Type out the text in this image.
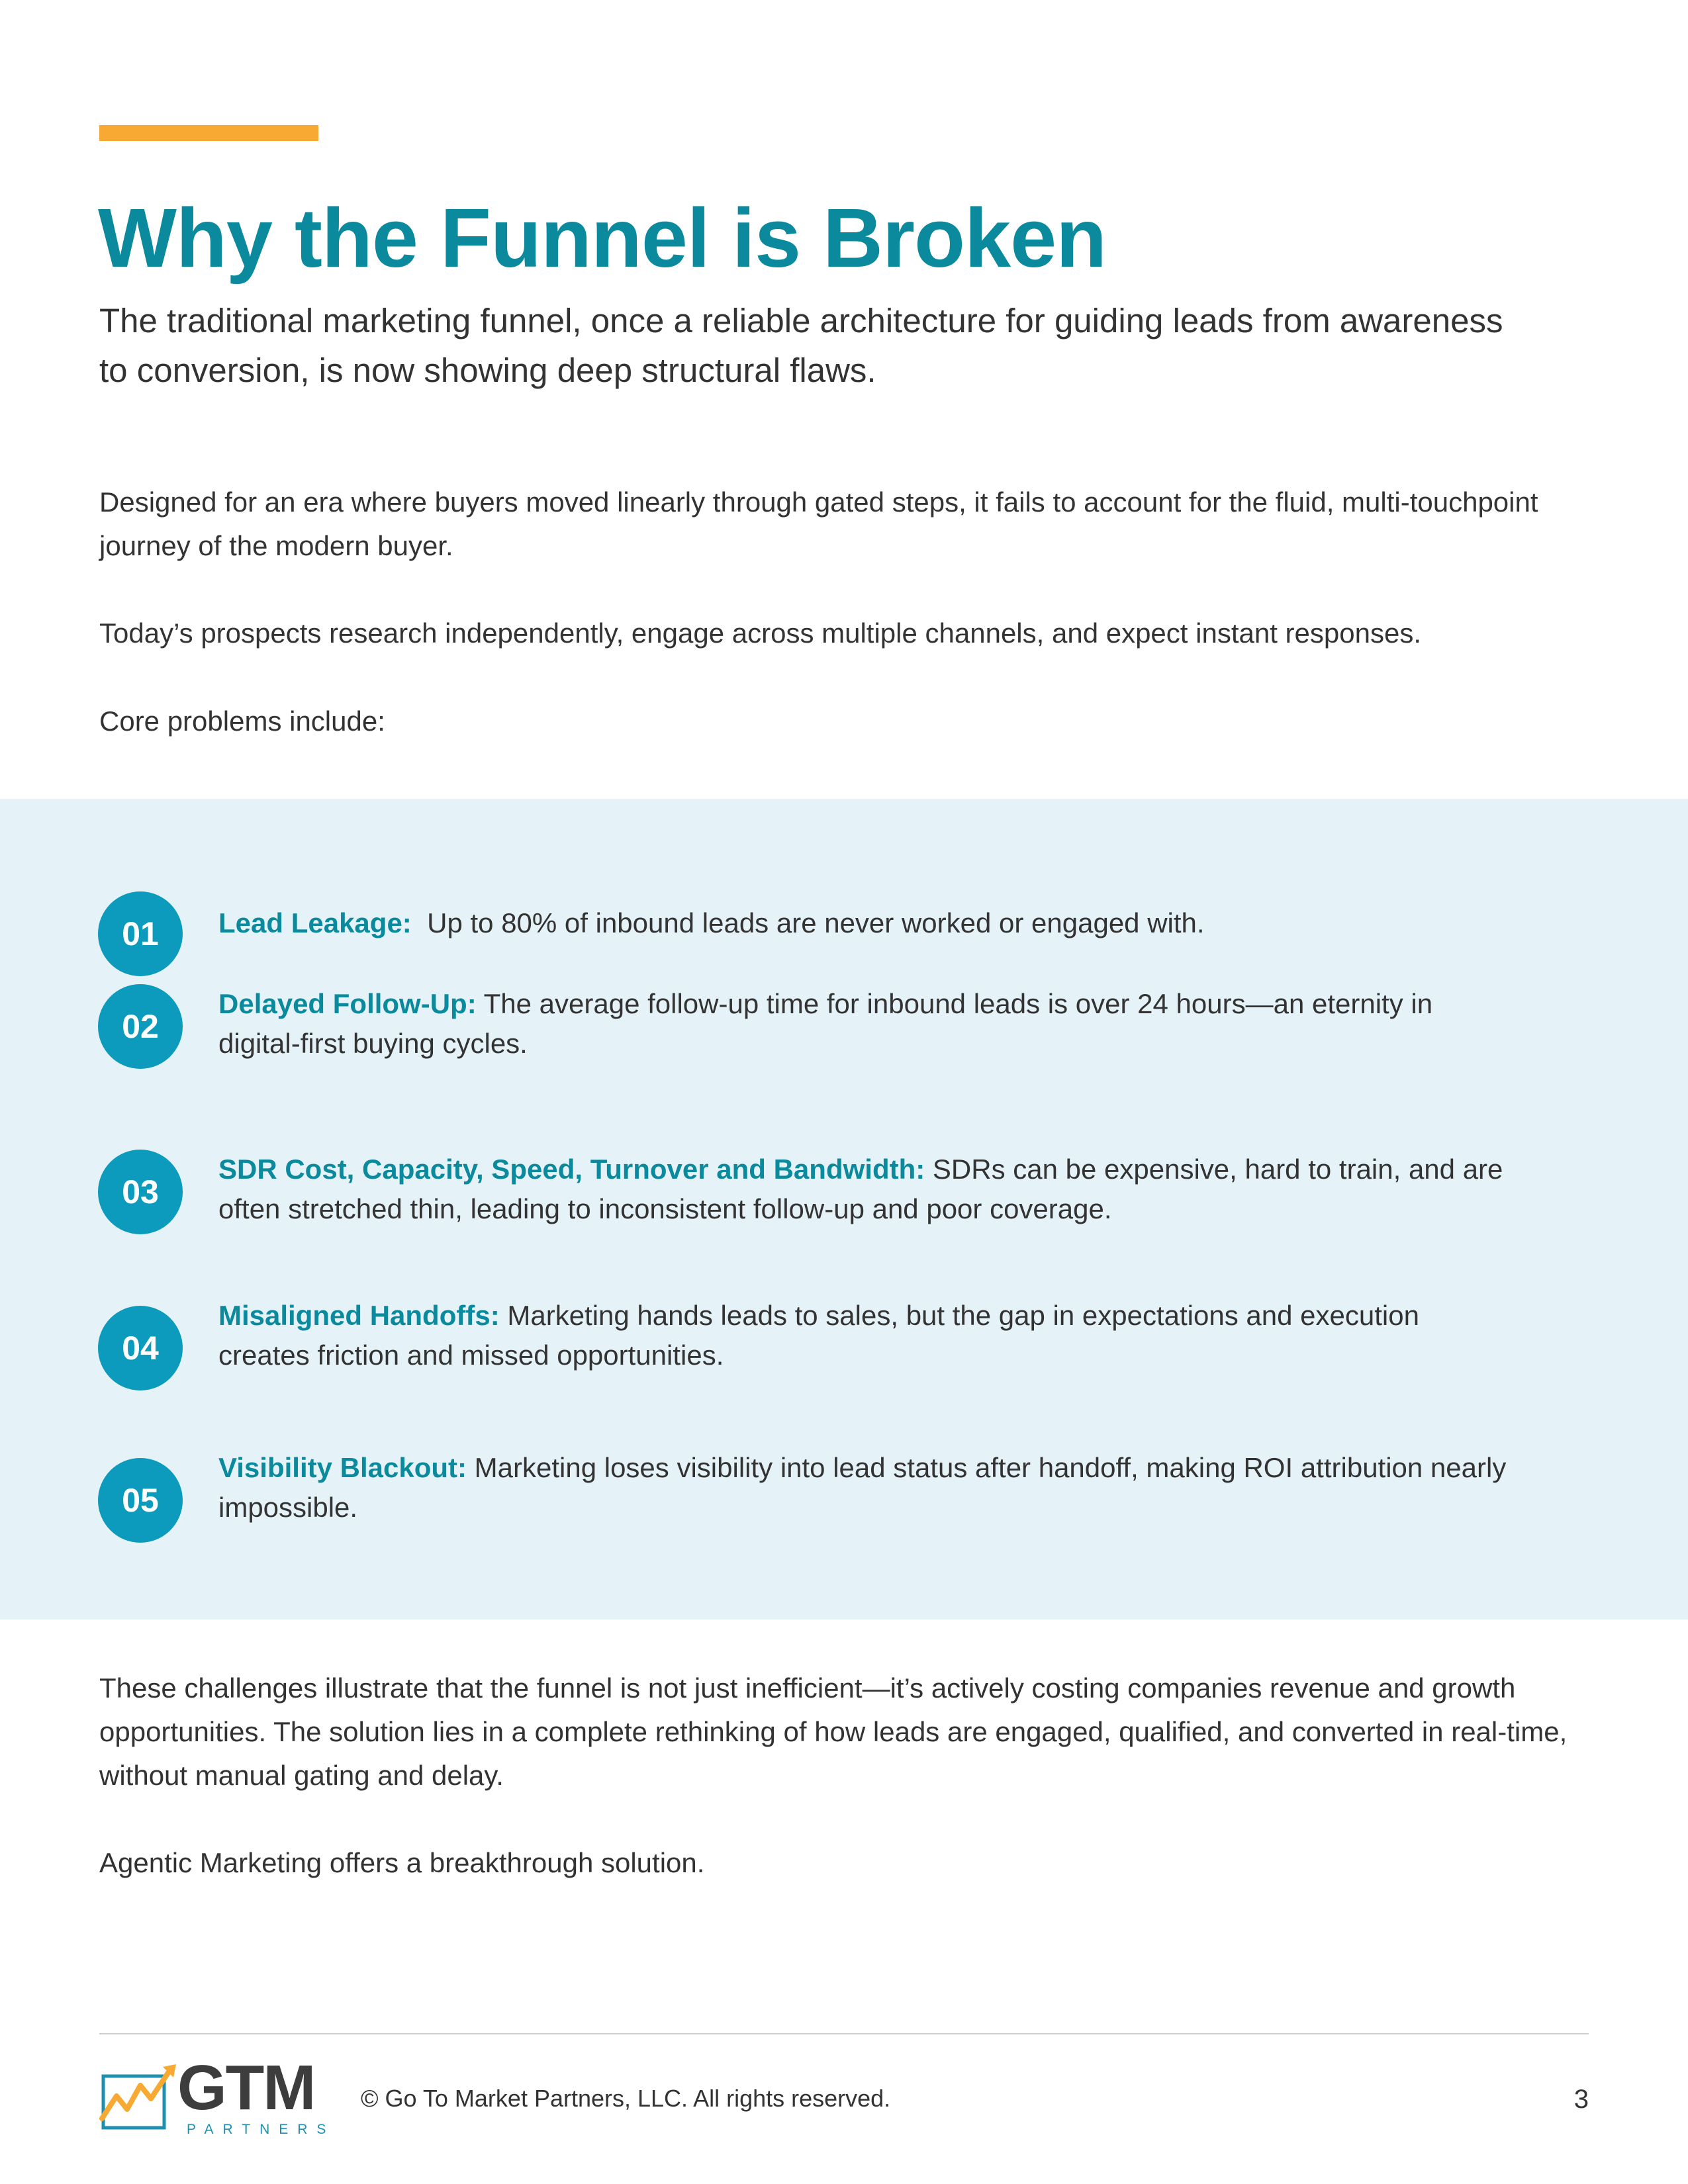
Why the Funnel is Broken

The traditional marketing funnel, once a reliable architecture for guiding leads from awareness to conversion, is now showing deep structural flaws.

Designed for an era where buyers moved linearly through gated steps, it fails to account for the fluid, multi-touchpoint journey of the modern buyer.

Today’s prospects research independently, engage across multiple channels, and expect instant responses.

Core problems include:

01	Lead Leakage: Up to 80% of inbound leads are never worked or engaged with.

02

Delayed Follow-Up: The average follow-up time for inbound leads is over 24 hours—an eternity in digital-first buying cycles.

03

SDR Cost, Capacity, Speed, Turnover and Bandwidth: SDRs can be expensive, hard to train, and are often stretched thin, leading to inconsistent follow-up and poor coverage.

04

Misaligned Handoffs: Marketing hands leads to sales, but the gap in expectations and execution creates friction and missed opportunities.

05

Visibility Blackout: Marketing loses visibility into lead status after handoff, making ROI attribution nearly impossible.

These challenges illustrate that the funnel is not just inefficient—it’s actively costing companies revenue and growth opportunities. The solution lies in a complete rethinking of how leads are engaged, qualified, and converted in real-time, without manual gating and delay.

Agentic Marketing offers a breakthrough solution.

GTM
PARTNERS
© Go To Market Partners, LLC. All rights reserved.	3
